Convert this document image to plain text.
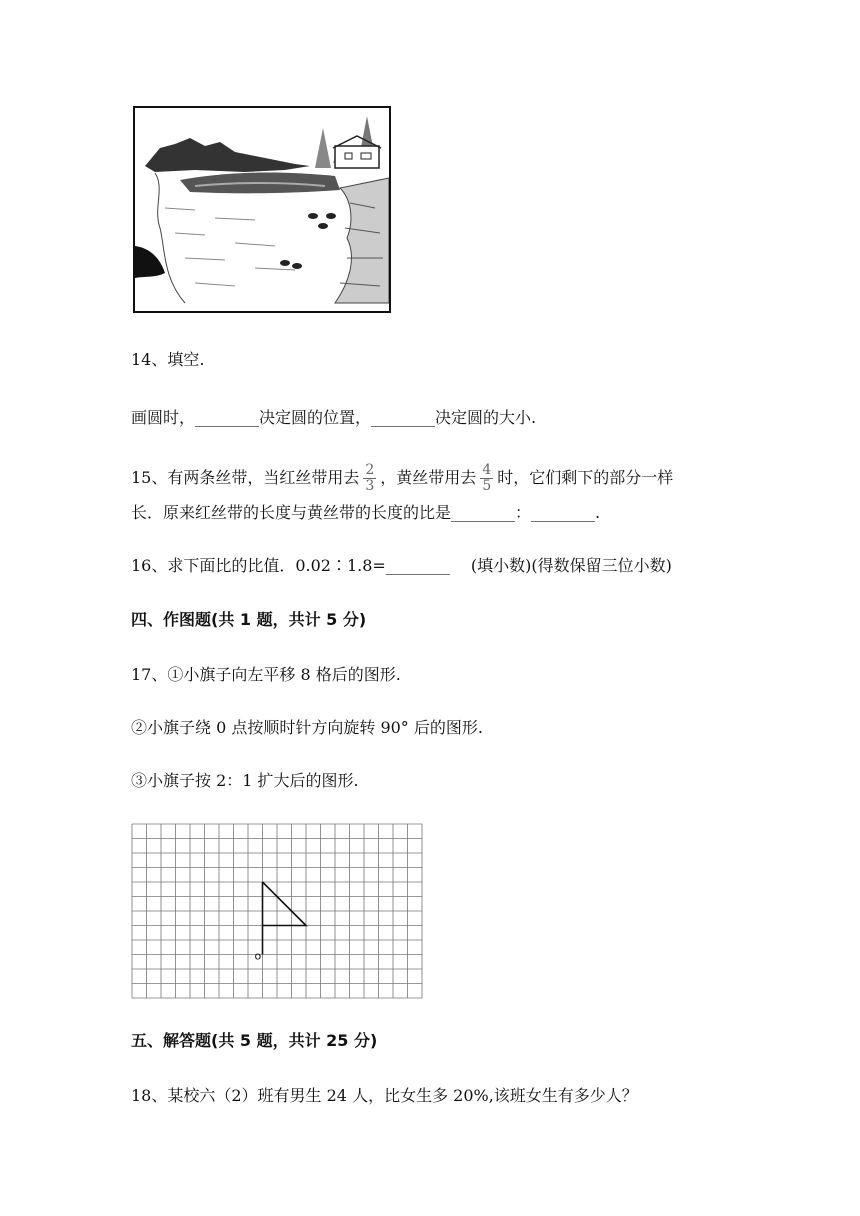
14、填空.
画圆时，________决定圆的位置，________决定圆的大小.
15、有两条丝带，当红丝带用去 $\frac{2}{3}$ ，黄丝带用去 $\frac{4}{5}$ 时，它们剩下的部分一样
长．原来红丝带的长度与黄丝带的长度的比是________：________.
16、求下面比的比值．0.02∶1.8=________　 (填小数)(得数保留三位小数)
四、作图题(共 1 题，共计 5 分)
17、①小旗子向左平移 8 格后的图形.
②小旗子绕 0 点按顺时针方向旋转 90° 后的图形.
③小旗子按 2：1 扩大后的图形.
o
五、解答题(共 5 题，共计 25 分)
18、某校六（2）班有男生 24 人，比女生多 20%,该班女生有多少人？
